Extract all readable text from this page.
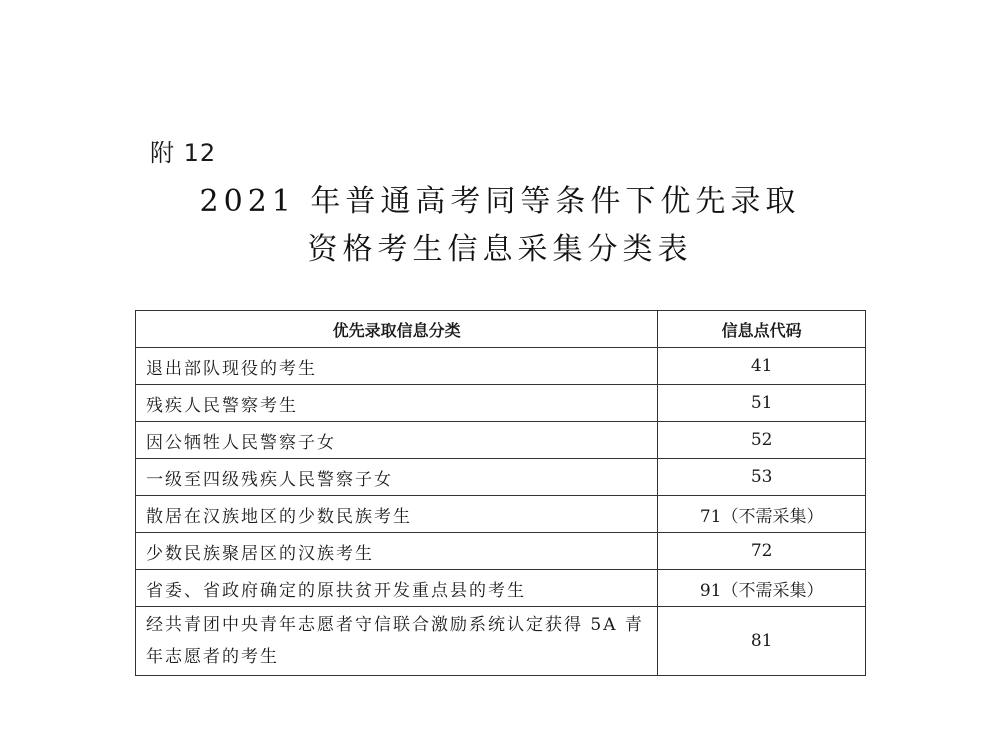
附 12
2021 年普通高考同等条件下优先录取
资格考生信息采集分类表
优先录取信息分类	信息点代码
退出部队现役的考生	41
残疾人民警察考生	51
因公牺牲人民警察子女	52
一级至四级残疾人民警察子女	53
散居在汉族地区的少数民族考生	71（不需采集）
少数民族聚居区的汉族考生	72
省委、省政府确定的原扶贫开发重点县的考生	91（不需采集）
经共青团中央青年志愿者守信联合激励系统认定获得 5A 青年志愿者的考生	81
